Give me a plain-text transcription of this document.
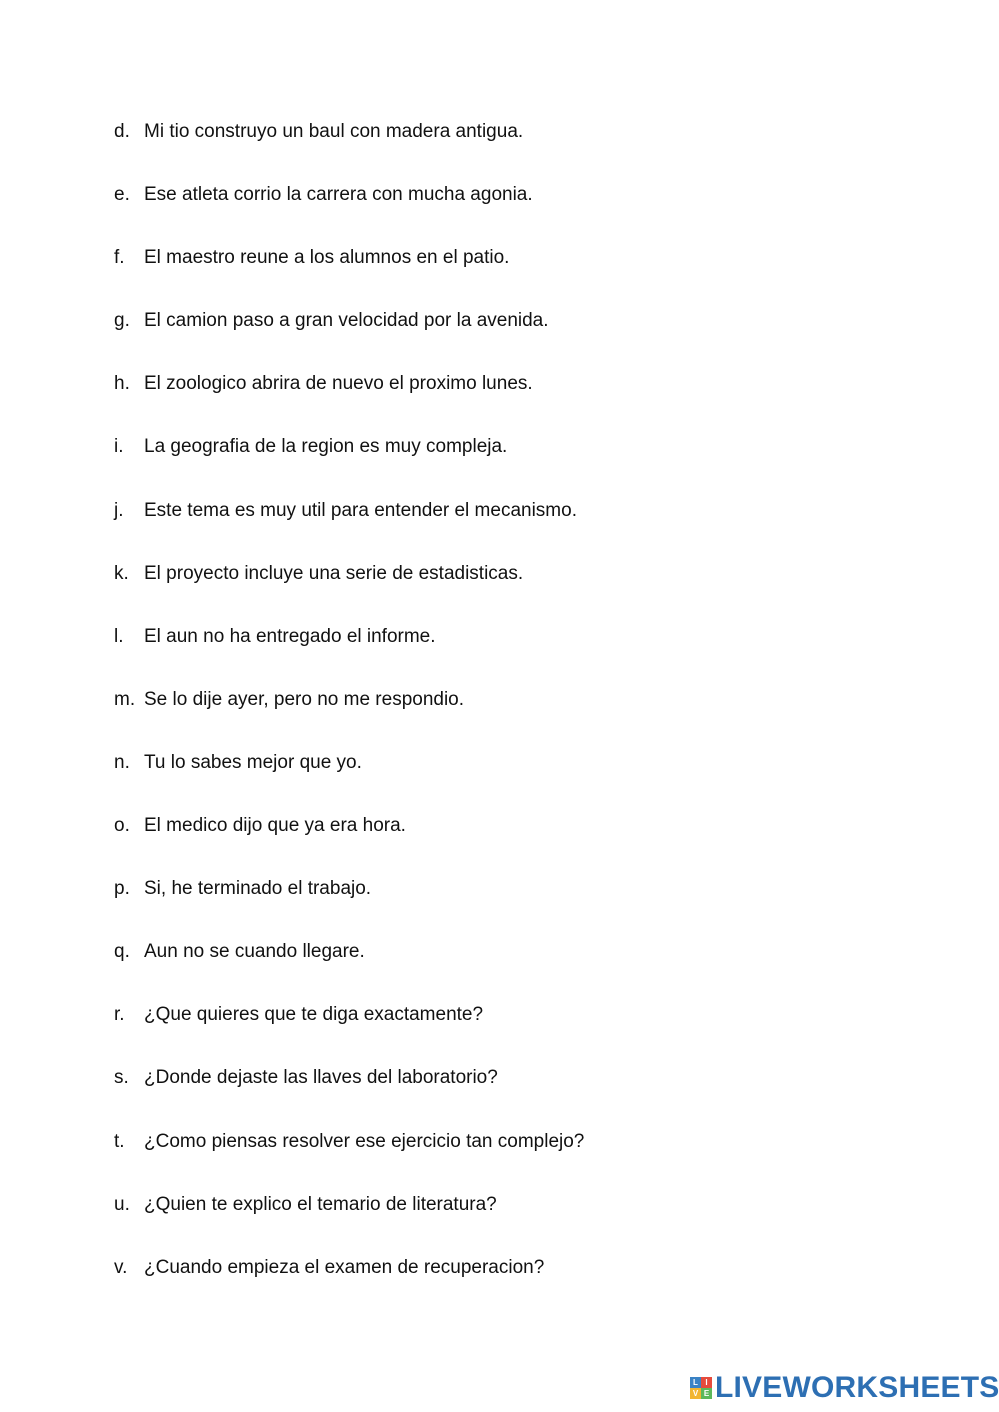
d. Mi tio construyo un baul con madera antigua.
e. Ese atleta corrio la carrera con mucha agonia.
f.	El maestro reune a los alumnos en el patio.
g. El camion paso a gran velocidad por la avenida.
h. El zoologico abrira de nuevo el proximo lunes.
i.	La geografia de la region es muy compleja.
j.	Este tema es muy util para entender el mecanismo.
k. El proyecto incluye una serie de estadisticas.
l.	El aun no ha entregado el informe.
m. Se lo dije ayer, pero no me respondio.
n. Tu lo sabes mejor que yo.
o. El medico dijo que ya era hora.
p. Si, he terminado el trabajo.
q. Aun no se cuando llegare.
r.	¿Que quieres que te diga exactamente?
s. ¿Donde dejaste las llaves del laboratorio?
t.	¿Como piensas resolver ese ejercicio tan complejo?
u. ¿Quien te explico el temario de literatura?
v. ¿Cuando empieza el examen de recuperacion?
L I
V E LIVEWORKSHEETS
